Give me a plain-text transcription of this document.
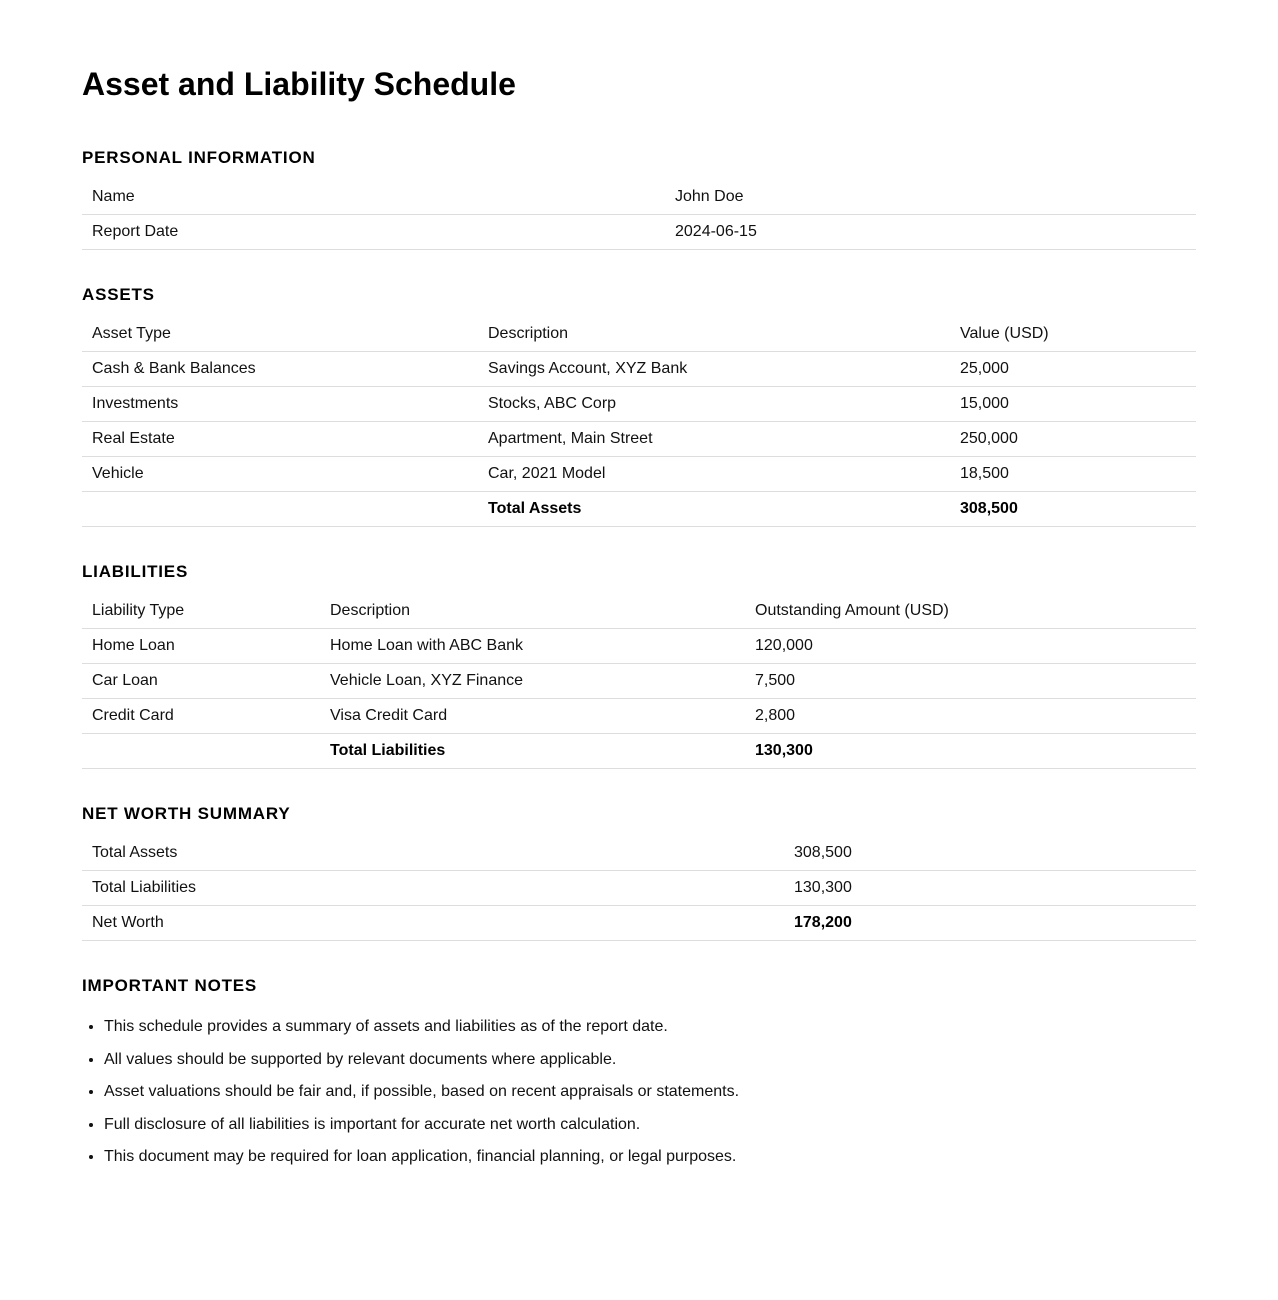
Asset and Liability Schedule
PERSONAL INFORMATION
Name	John Doe
Report Date	2024-06-15
ASSETS
Asset Type	Description	Value (USD)
Cash & Bank Balances	Savings Account, XYZ Bank	25,000
Investments	Stocks, ABC Corp	15,000
Real Estate	Apartment, Main Street	250,000
Vehicle	Car, 2021 Model	18,500
	Total Assets	308,500
LIABILITIES
Liability Type	Description	Outstanding Amount (USD)
Home Loan	Home Loan with ABC Bank	120,000
Car Loan	Vehicle Loan, XYZ Finance	7,500
Credit Card	Visa Credit Card	2,800
	Total Liabilities	130,300
NET WORTH SUMMARY
Total Assets	308,500
Total Liabilities	130,300
Net Worth	178,200
IMPORTANT NOTES
• This schedule provides a summary of assets and liabilities as of the report date.
• All values should be supported by relevant documents where applicable.
• Asset valuations should be fair and, if possible, based on recent appraisals or statements.
• Full disclosure of all liabilities is important for accurate net worth calculation.
• This document may be required for loan application, financial planning, or legal purposes.
